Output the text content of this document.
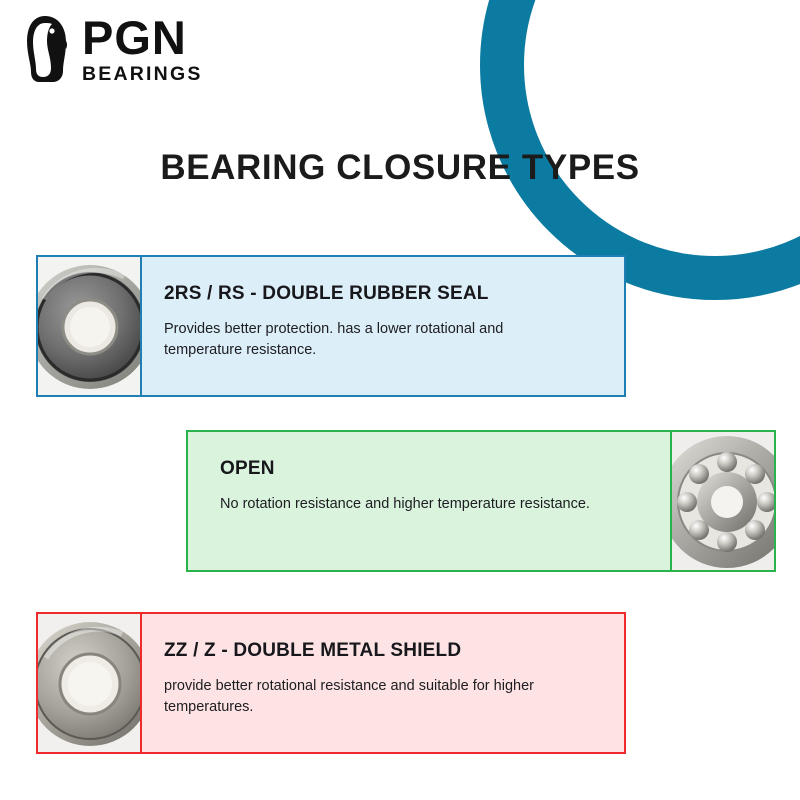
PGN
BEARINGS
BEARING CLOSURE TYPES
2RS / RS - DOUBLE RUBBER SEAL
Provides better protection. has a lower rotational and temperature resistance.
OPEN
No rotation resistance and higher temperature resistance.
ZZ / Z - DOUBLE METAL SHIELD
provide better rotational resistance and suitable for higher temperatures.
